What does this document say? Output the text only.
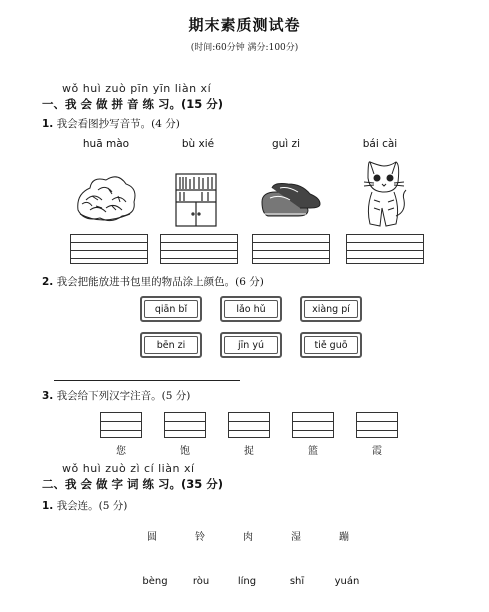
期末素质测试卷
(时间:60分钟 满分:100分)
wǒ huì zuò pīn yīn liàn xí
一、我 会 做 拼 音 练 习。(15 分)
1. 我会看图抄写音节。(4 分)
huā mào	bù xié	guì zi	bái cài
2. 我会把能放进书包里的物品涂上颜色。(6 分)
qiān bǐ	lǎo hǔ	xiàng pí
bēn zi	jīn yú	tiě guō
3. 我会给下列汉字注音。(5 分)
您	饱	捉	篮	霞
wǒ huì zuò zì cí liàn xí
二、我 会 做 字 词 练 习。(35 分)
1. 我会连。(5 分)
圆	铃	肉	湿	蹦
bèng	ròu	líng	shī	yuán
